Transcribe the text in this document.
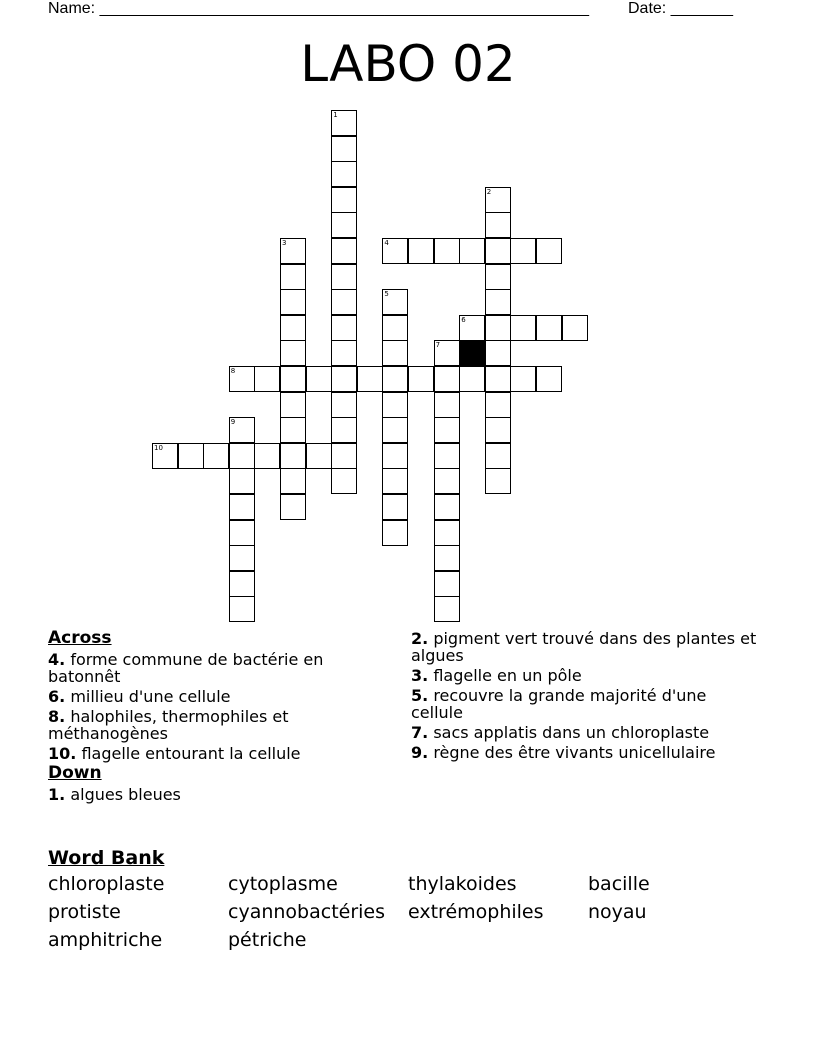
Name: _______________________________________________________ Date: _______
LABO 02
1
2
3	4
5
6
7
8
9
10
Across
4. forme commune de bactérie en batonnêt
6. millieu d'une cellule
8. halophiles, thermophiles et méthanogènes
10. flagelle entourant la cellule
Down
1. algues bleues
2. pigment vert trouvé dans des plantes et algues
3. flagelle en un pôle
5. recouvre la grande majorité d'une cellule
7. sacs applatis dans un chloroplaste
9. règne des être vivants unicellulaire
Word Bank
chloroplaste	cytoplasme	thylakoides	bacille
protiste	cyannobactéries	extrémophiles	noyau
amphitriche	pétriche
